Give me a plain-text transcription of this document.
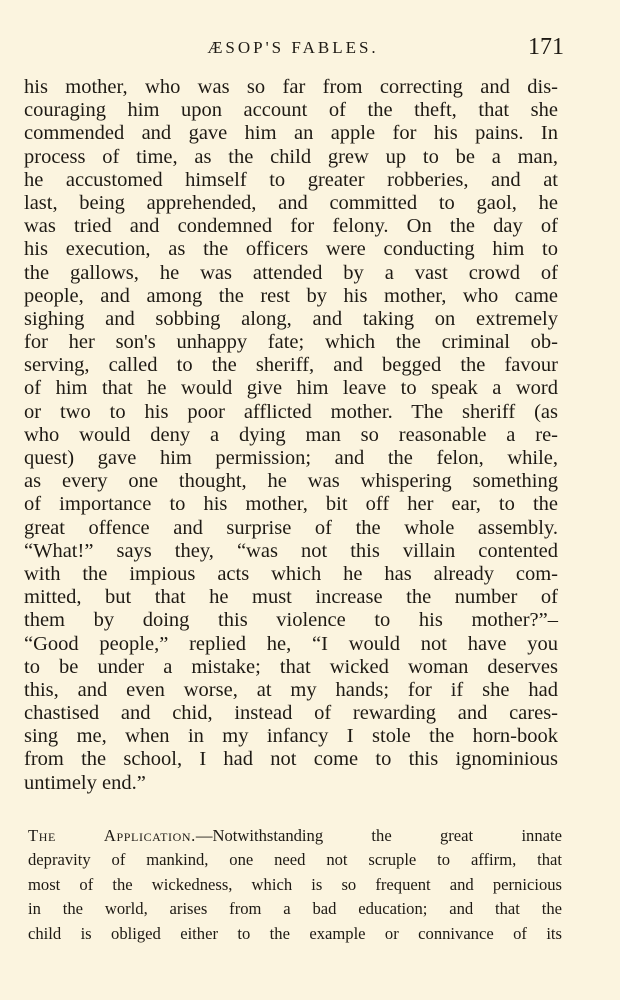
ÆSOP'S FABLES.	171
his mother, who was so far from correcting and dis-
couraging him upon account of the theft, that she
commended and gave him an apple for his pains. In
process of time, as the child grew up to be a man,
he accustomed himself to greater robberies, and at
last, being apprehended, and committed to gaol, he
was tried and condemned for felony. On the day of
his execution, as the officers were conducting him to
the gallows, he was attended by a vast crowd of
people, and among the rest by his mother, who came
sighing and sobbing along, and taking on extremely
for her son's unhappy fate; which the criminal ob-
serving, called to the sheriff, and begged the favour
of him that he would give him leave to speak a word
or two to his poor afflicted mother. The sheriff (as
who would deny a dying man so reasonable a re-
quest) gave him permission; and the felon, while,
as every one thought, he was whispering something
of importance to his mother, bit off her ear, to the
great offence and surprise of the whole assembly.
“What!” says they, “was not this villain contented
with the impious acts which he has already com-
mitted, but that he must increase the number of
them by doing this violence to his mother?”–
“Good people,” replied he, “I would not have you
to be under a mistake; that wicked woman deserves
this, and even worse, at my hands; for if she had
chastised and chid, instead of rewarding and cares-
sing me, when in my infancy I stole the horn-book
from the school, I had not come to this ignominious
untimely end.”
The Application.—Notwithstanding the great innate
depravity of mankind, one need not scruple to affirm, that
most of the wickedness, which is so frequent and pernicious
in the world, arises from a bad education; and that the
child is obliged either to the example or connivance of its
